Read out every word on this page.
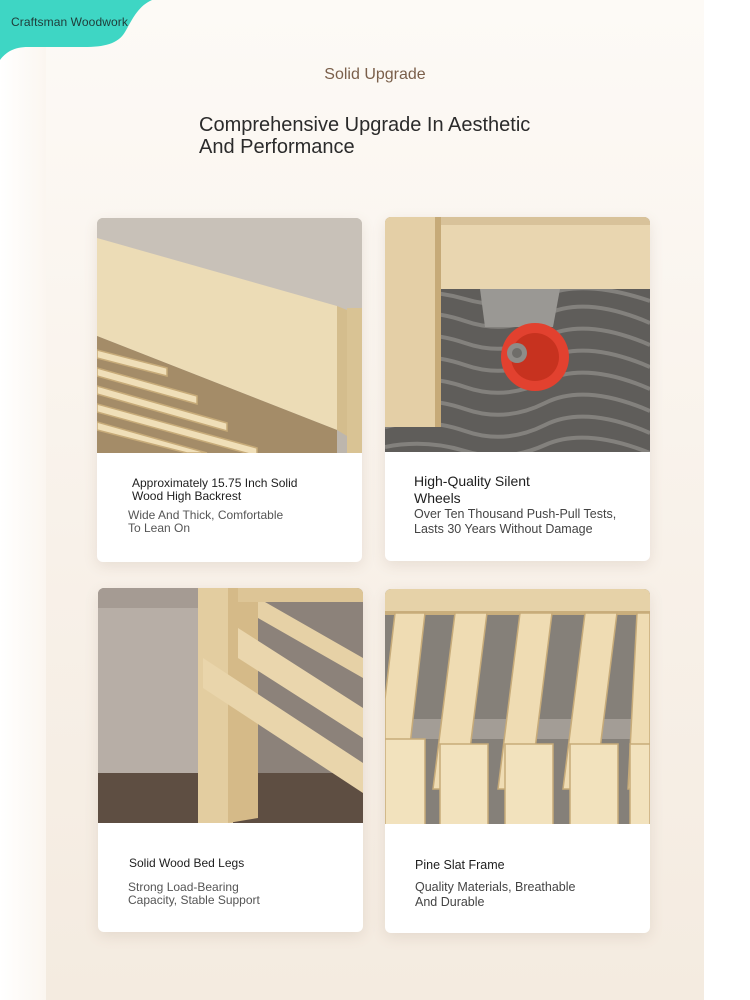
Craftsman Woodwork
Solid Upgrade
Comprehensive Upgrade In Aesthetic
And Performance
Approximately 15.75 Inch Solid
Wood High Backrest
Wide And Thick, Comfortable
To Lean On
High-Quality Silent
Wheels
Over Ten Thousand Push-Pull Tests,
Lasts 30 Years Without Damage
Solid Wood Bed Legs
Strong Load-Bearing
Capacity, Stable Support
Pine Slat Frame
Quality Materials, Breathable
And Durable
